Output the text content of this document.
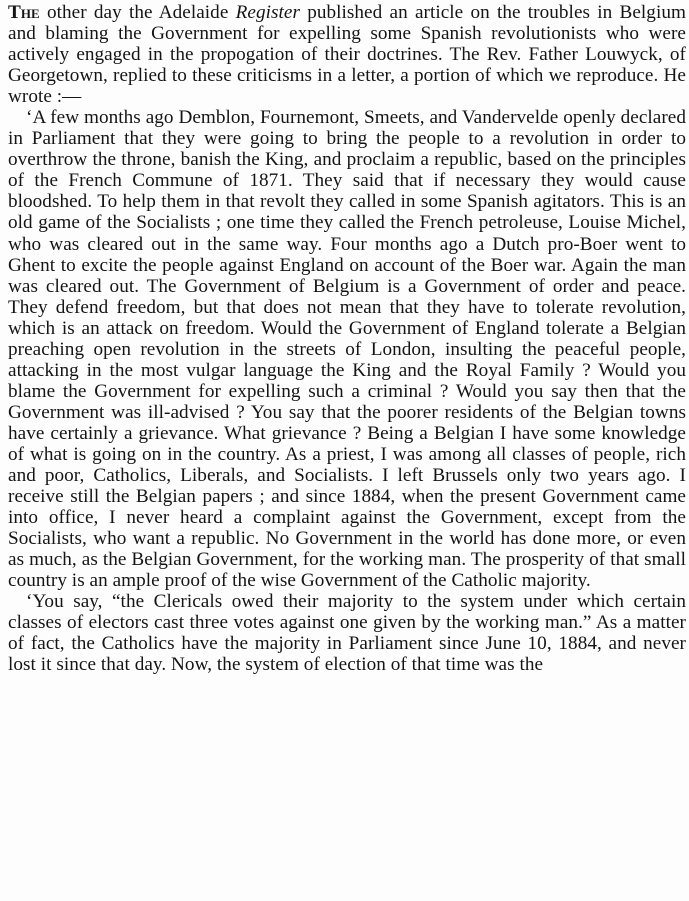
The other day the Adelaide Register published an article on the troubles in Belgium and blaming the Government for expelling some Spanish revolutionists who were actively engaged in the propogation of their doctrines. The Rev. Father Louwyck, of Georgetown, replied to these criticisms in a letter, a portion of which we reproduce. He wrote :—

‘A few months ago Demblon, Fournemont, Smeets, and Vandervelde openly declared in Parliament that they were going to bring the people to a revolution in order to overthrow the throne, banish the King, and proclaim a republic, based on the principles of the French Commune of 1871. They said that if necessary they would cause bloodshed. To help them in that revolt they called in some Spanish agitators. This is an old game of the Socialists ; one time they called the French petroleuse, Louise Michel, who was cleared out in the same way. Four months ago a Dutch pro-Boer went to Ghent to excite the people against England on account of the Boer war. Again the man was cleared out. The Government of Belgium is a Government of order and peace. They defend freedom, but that does not mean that they have to tolerate revolution, which is an attack on freedom. Would the Government of England tolerate a Belgian preaching open revolution in the streets of London, insulting the peaceful people, attacking in the most vulgar language the King and the Royal Family ? Would you blame the Government for expelling such a criminal ? Would you say then that the Government was ill-advised ? You say that the poorer residents of the Belgian towns have certainly a grievance. What grievance ? Being a Belgian I have some knowledge of what is going on in the country. As a priest, I was among all classes of people, rich and poor, Catholics, Liberals, and Socialists. I left Brussels only two years ago. I receive still the Belgian papers ; and since 1884, when the present Government came into office, I never heard a complaint against the Government, except from the Socialists, who want a republic. No Government in the world has done more, or even as much, as the Belgian Government, for the working man. The prosperity of that small country is an ample proof of the wise Government of the Catholic majority.

‘You say, “the Clericals owed their majority to the system under which certain classes of electors cast three votes against one given by the working man.” As a matter of fact, the Catholics have the majority in Parliament since June 10, 1884, and never lost it since that day. Now, the system of election of that time was the
